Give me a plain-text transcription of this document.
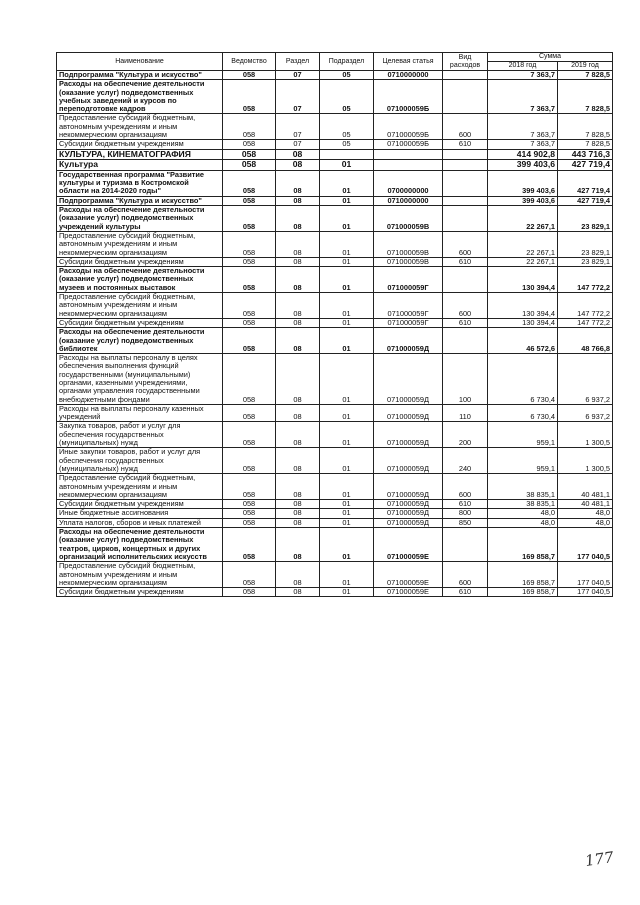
Наименование	Ведомство	Раздел	Подраздел	Целевая статья	Вид расходов	Сумма	
						2018 год	2019 год
Подпрограмма "Культура и искусство"	058	07	05	0710000000		7 363,7	7 828,5
Расходы на обеспечение деятельности (оказание услуг) подведомственных учебных заведений и курсов по переподготовке кадров	058	07	05	071000059Б		7 363,7	7 828,5
Предоставление субсидий бюджетным, автономным учреждениям и иным некоммерческим организациям	058	07	05	071000059Б	600	7 363,7	7 828,5
Субсидии бюджетным учреждениям	058	07	05	071000059Б	610	7 363,7	7 828,5
КУЛЬТУРА, КИНЕМАТОГРАФИЯ	058	08				414 902,8	443 716,3
Культура	058	08	01			399 403,6	427 719,4
Государственная программа "Развитие культуры и туризма в Костромской области на 2014-2020 годы"	058	08	01	0700000000		399 403,6	427 719,4
Подпрограмма "Культура и искусство"	058	08	01	0710000000		399 403,6	427 719,4
Расходы на обеспечение деятельности (оказание услуг) подведомственных учреждений культуры	058	08	01	071000059В		22 267,1	23 829,1
Предоставление субсидий бюджетным, автономным учреждениям и иным некоммерческим организациям	058	08	01	071000059В	600	22 267,1	23 829,1
Субсидии бюджетным учреждениям	058	08	01	071000059В	610	22 267,1	23 829,1
Расходы на обеспечение деятельности (оказание услуг) подведомственных музеев и постоянных выставок	058	08	01	071000059Г		130 394,4	147 772,2
Предоставление субсидий бюджетным, автономным учреждениям и иным некоммерческим организациям	058	08	01	071000059Г	600	130 394,4	147 772,2
Субсидии бюджетным учреждениям	058	08	01	071000059Г	610	130 394,4	147 772,2
Расходы на обеспечение деятельности (оказание услуг) подведомственных библиотек	058	08	01	071000059Д		46 572,6	48 766,8
Расходы на выплаты персоналу в целях обеспечения выполнения функций государственными (муниципальными) органами, казенными учреждениями, органами управления государственными внебюджетными фондами	058	08	01	071000059Д	100	6 730,4	6 937,2
Расходы на выплаты персоналу казенных учреждений	058	08	01	071000059Д	110	6 730,4	6 937,2
Закупка товаров, работ и услуг для обеспечения государственных (муниципальных) нужд	058	08	01	071000059Д	200	959,1	1 300,5
Иные закупки товаров, работ и услуг для обеспечения государственных (муниципальных) нужд	058	08	01	071000059Д	240	959,1	1 300,5
Предоставление субсидий бюджетным, автономным учреждениям и иным некоммерческим организациям	058	08	01	071000059Д	600	38 835,1	40 481,1
Субсидии бюджетным учреждениям	058	08	01	071000059Д	610	38 835,1	40 481,1
Иные бюджетные ассигнования	058	08	01	071000059Д	800	48,0	48,0
Уплата налогов, сборов и иных платежей	058	08	01	071000059Д	850	48,0	48,0
Расходы на обеспечение деятельности (оказание услуг) подведомственных театров, цирков, концертных и других организаций исполнительских искусств	058	08	01	071000059Е		169 858,7	177 040,5
Предоставление субсидий бюджетным, автономным учреждениям и иным некоммерческим организациям	058	08	01	071000059Е	600	169 858,7	177 040,5
Субсидии бюджетным учреждениям	058	08	01	071000059Е	610	169 858,7	177 040,5
177
